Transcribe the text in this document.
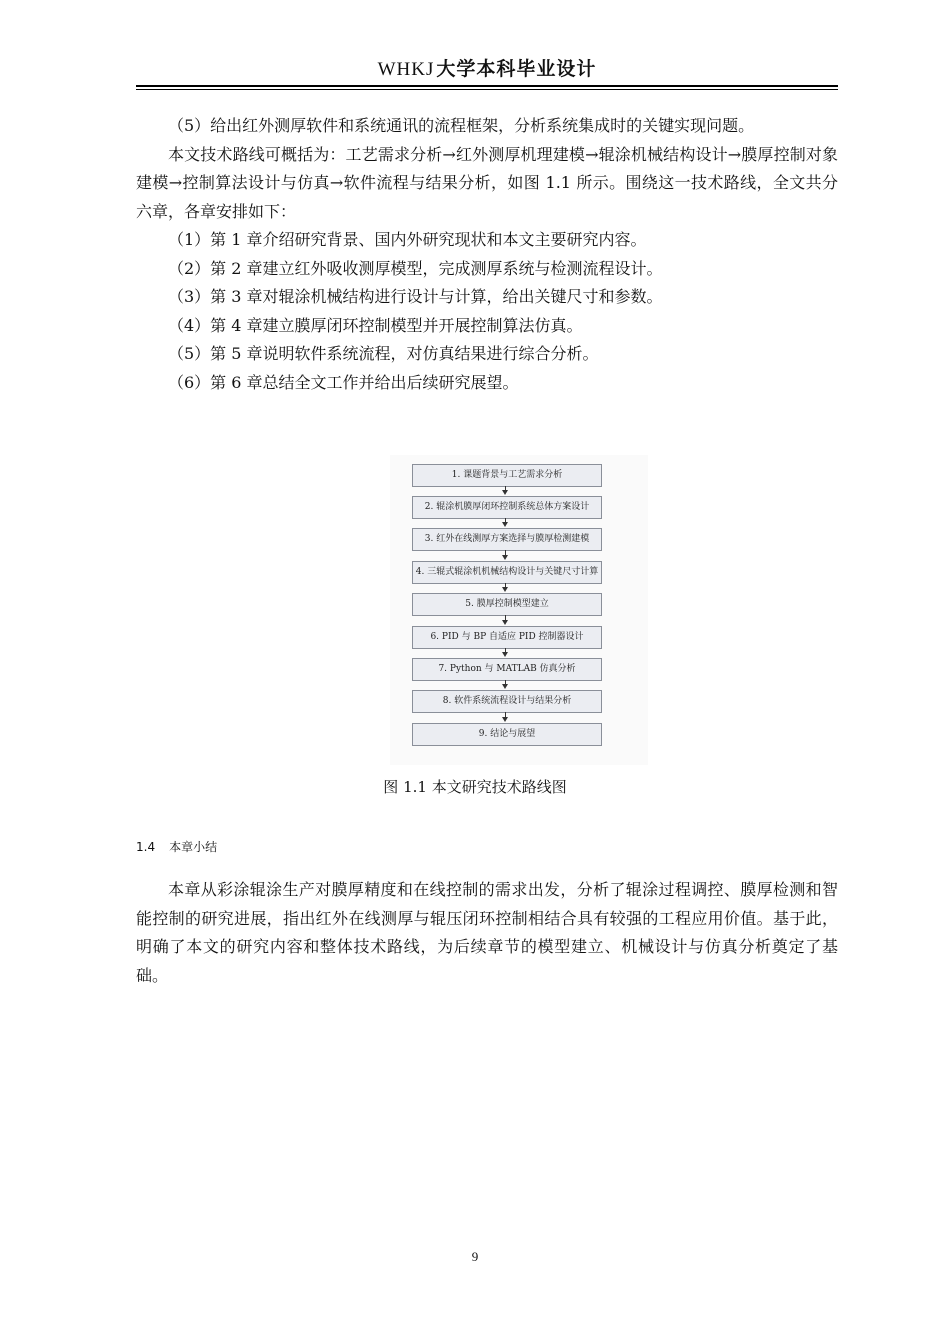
WHKJ 大学本科毕业设计

（5）给出红外测厚软件和系统通讯的流程框架，分析系统集成时的关键实现问题。

本文技术路线可概括为：工艺需求分析→红外测厚机理建模→辊涂机械结构设计→膜厚控制对象建模→控制算法设计与仿真→软件流程与结果分析，如图 1.1 所示。围绕这一技术路线，全文共分六章，各章安排如下：

（1）第 1 章介绍研究背景、国内外研究现状和本文主要研究内容。

（2）第 2 章建立红外吸收测厚模型，完成测厚系统与检测流程设计。

（3）第 3 章对辊涂机械结构进行设计与计算，给出关键尺寸和参数。

（4）第 4 章建立膜厚闭环控制模型并开展控制算法仿真。

（5）第 5 章说明软件系统流程，对仿真结果进行综合分析。

（6）第 6 章总结全文工作并给出后续研究展望。

1. 课题背景与工艺需求分析
2. 辊涂机膜厚闭环控制系统总体方案设计
3. 红外在线测厚方案选择与膜厚检测建模
4. 三辊式辊涂机机械结构设计与关键尺寸计算
5. 膜厚控制模型建立
6. PID 与 BP 自适应 PID 控制器设计
7. Python 与 MATLAB 仿真分析
8. 软件系统流程设计与结果分析
9. 结论与展望
图 1.1 本文研究技术路线图
1.4 本章小结

本章从彩涂辊涂生产对膜厚精度和在线控制的需求出发，分析了辊涂过程调控、膜厚检测和智能控制的研究进展，指出红外在线测厚与辊压闭环控制相结合具有较强的工程应用价值。基于此，明确了本文的研究内容和整体技术路线，为后续章节的模型建立、机械设计与仿真分析奠定了基础。

9
